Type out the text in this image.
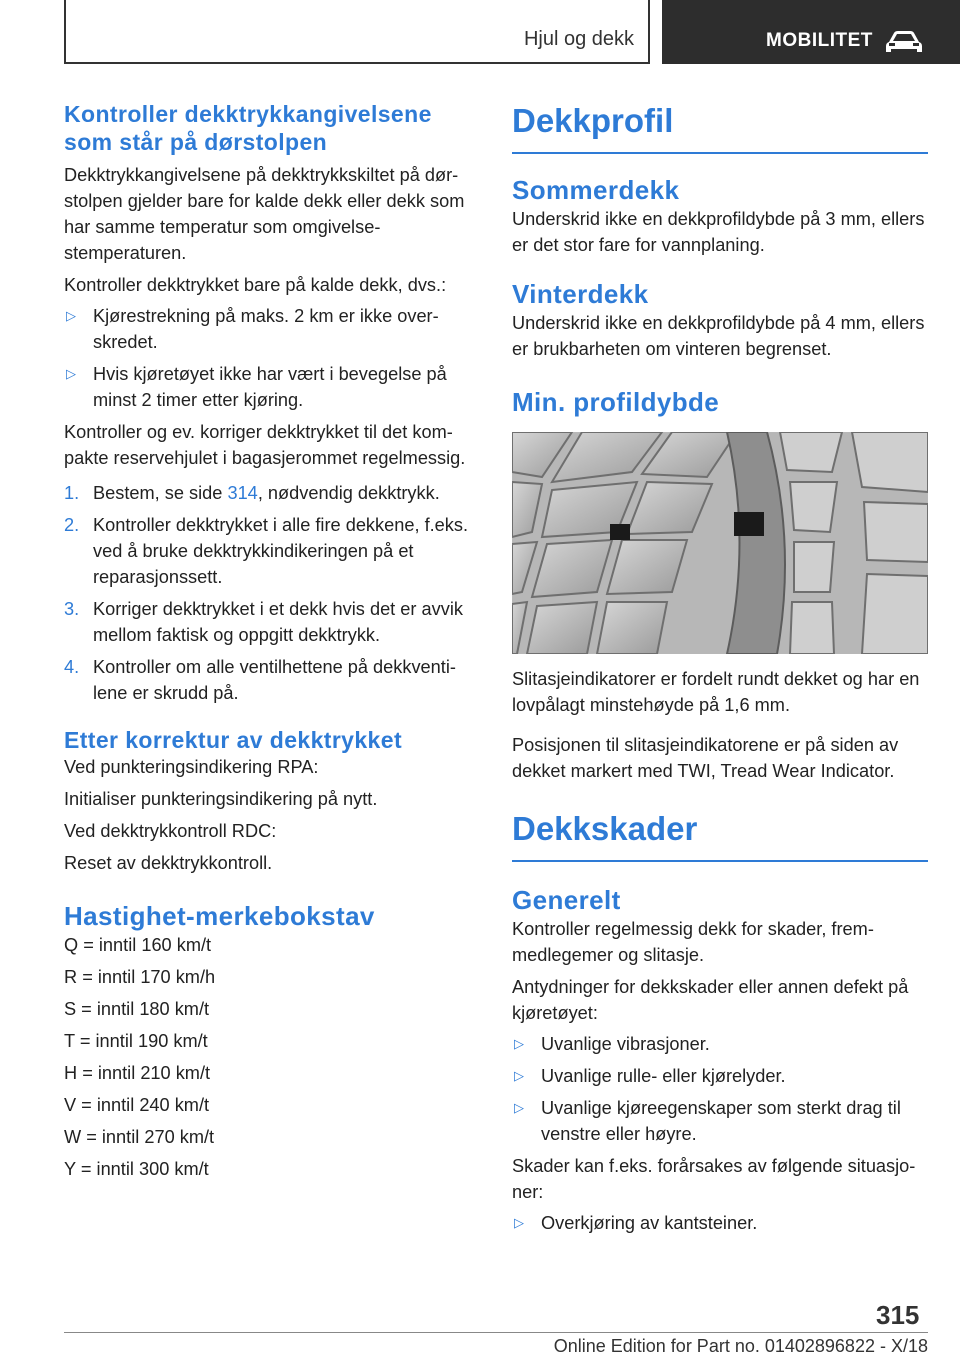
Hjul og dekk	MOBILITET
Kontroller dekktrykkangivelsene som står på dørstolpen

Dekktrykkangivelsene på dekktrykkskiltet på dørstolpen gjelder bare for kalde dekk eller dekk som har samme temperatur som omgivelsestemperaturen.

Kontroller dekktrykket bare på kalde dekk, dvs.:

▷ Kjørestrekning på maks. 2 km er ikke overskredet.
▷ Hvis kjøretøyet ikke har vært i bevegelse på minst 2 timer etter kjøring.

Kontroller og ev. korriger dekktrykket til det kompakte reservehjulet i bagasjerommet regelmessig.

1. Bestem, se side 314, nødvendig dekktrykk.
2. Kontroller dekktrykket i alle fire dekkene, f.eks. ved å bruke dekktrykkindikeringen på et reparasjonssett.
3. Korriger dekktrykket i et dekk hvis det er avvik mellom faktisk og oppgitt dekktrykk.
4. Kontroller om alle ventilhettene på dekkventilene er skrudd på.
Etter korrektur av dekktrykket

Ved punkteringsindikering RPA:

Initialiser punkteringsindikering på nytt.

Ved dekktrykkontroll RDC:

Reset av dekktrykkontroll.

Hastighet-merkebokstav

Q = inntil 160 km/t

R = inntil 170 km/h

S = inntil 180 km/t

T = inntil 190 km/t

H = inntil 210 km/t

V = inntil 240 km/t

W = inntil 270 km/t

Y = inntil 300 km/t

Dekkprofil
Sommerdekk

Underskrid ikke en dekkprofildybde på 3 mm, ellers er det stor fare for vannplaning.

Vinterdekk

Underskrid ikke en dekkprofildybde på 4 mm, ellers er brukbarheten om vinteren begrenset.

Min. profildybde

Slitasjeindikatorer er fordelt rundt dekket og har en lovpålagt minstehøyde på 1,6 mm.

Posisjonen til slitasjeindikatorene er på siden av dekket markert med TWI, Tread Wear Indicator.

Dekkskader
Generelt

Kontroller regelmessig dekk for skader, fremmedlegemer og slitasje.

Antydninger for dekkskader eller annen defekt på kjøretøyet:

▷ Uvanlige vibrasjoner.
▷ Uvanlige rulle- eller kjørelyder.
▷ Uvanlige kjøreegenskaper som sterkt drag til venstre eller høyre.

Skader kan f.eks. forårsakes av følgende situasjoner:

▷ Overkjøring av kantsteiner.
315
Online Edition for Part no. 01402896822 - X/18
